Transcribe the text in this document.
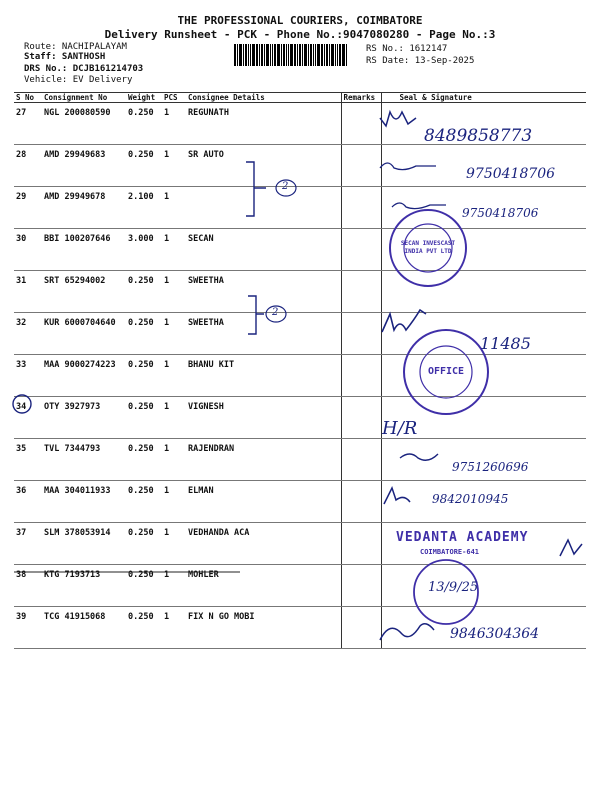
THE PROFESSIONAL COURIERS, COIMBATORE
Delivery Runsheet - PCK - Phone No.:9047080280 - Page No.:3
Route: NACHIPALAYAM
Staff: SANTHOSH
DRS No.: DCJB161214703
Vehicle: EV Delivery
RS No.: 1612147
RS Date: 13-Sep-2025
S No	Consignment No	Weight	PCS	Consignee Details	Remarks	Seal & Signature
27	NGL 200080590	0.250	1	REGUNATH		
28	AMD 29949683	0.250	1	SR AUTO		
29	AMD 29949678	2.100	1			
30	BBI 100207646	3.000	1	SECAN		
31	SRT 65294002	0.250	1	SWEETHA		
32	KUR 6000704640	0.250	1	SWEETHA		
33	MAA 9000274223	0.250	1	BHANU KIT		
34	OTY 3927973	0.250	1	VIGNESH		
35	TVL 7344793	0.250	1	RAJENDRAN		
36	MAA 304011933	0.250	1	ELMAN		
37	SLM 378053914	0.250	1	VEDHANDA ACA		
38	KTG 7193713	0.250	1	MOHLER		
39	TCG 41915068	0.250	1	FIX N GO MOBI		
8489858773
9750418706
9750418706
11485
H/R
9751260696
9842010945
13/9/25
9846304364
2
2
SECAN INVESCAST INDIA PVT LTD
OFFICE
VEDANTA ACADEMY
COIMBATORE-641
